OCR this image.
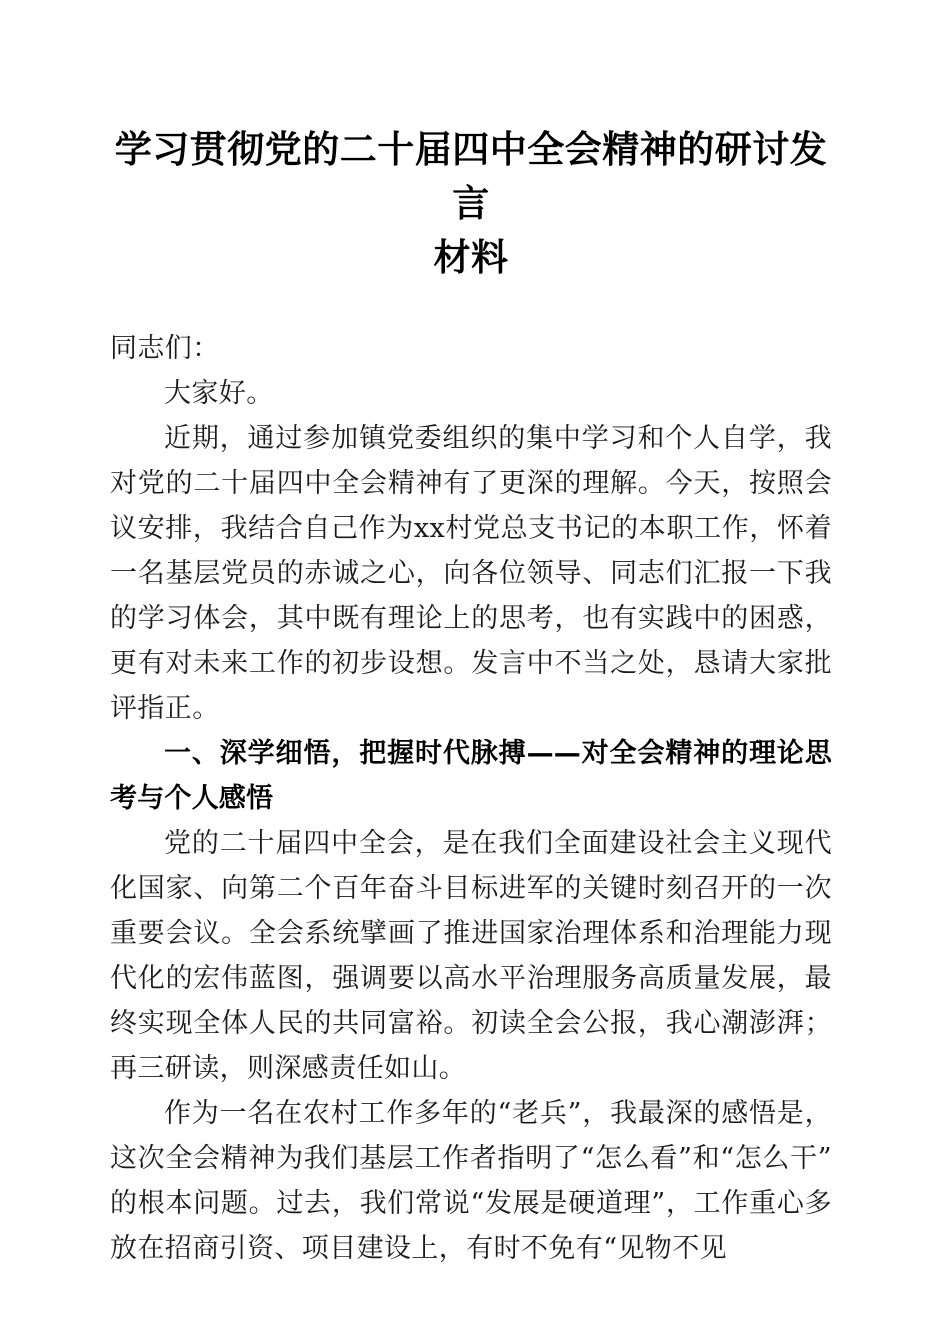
学习贯彻党的二十届四中全会精神的研讨发言
材料

同志们：

大家好。

近期，通过参加镇党委组织的集中学习和个人自学，我对党的二十届四中全会精神有了更深的理解。今天，按照会议安排，我结合自己作为xx村党总支书记的本职工作，怀着一名基层党员的赤诚之心，向各位领导、同志们汇报一下我的学习体会，其中既有理论上的思考，也有实践中的困惑，更有对未来工作的初步设想。发言中不当之处，恳请大家批评指正。

一、深学细悟，把握时代脉搏——对全会精神的理论思考与个人感悟

党的二十届四中全会，是在我们全面建设社会主义现代化国家、向第二个百年奋斗目标进军的关键时刻召开的一次重要会议。全会系统擘画了推进国家治理体系和治理能力现代化的宏伟蓝图，强调要以高水平治理服务高质量发展，最终实现全体人民的共同富裕。初读全会公报，我心潮澎湃；再三研读，则深感责任如山。

作为一名在农村工作多年的“老兵”，我最深的感悟是，这次全会精神为我们基层工作者指明了“怎么看”和“怎么干”的根本问题。过去，我们常说“发展是硬道理”，工作重心多放在招商引资、项目建设上，有时不免有“见物不见
